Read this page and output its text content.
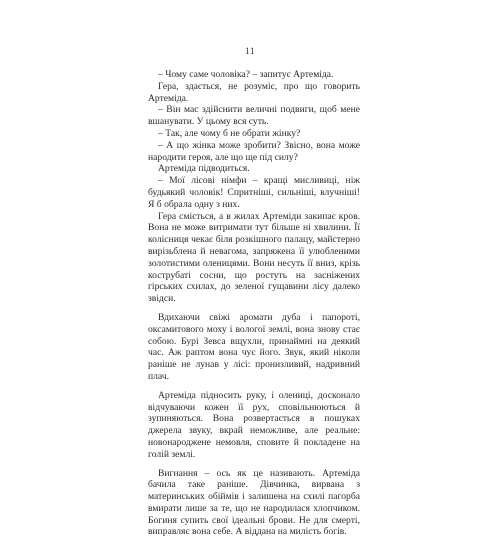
11
– Чому саме чоловіка? – запитує Артеміда.
Гера, здається, не розуміє, про що говорить Артеміда.
– Він мас здійснити величні подвиги, щоб мене вшанувати. У цьому вся суть.
– Так, але чому б не обрати жінку?
– А що жінка може зробити? Звісно, вона може народити героя, але що ще під силу?
Артеміда підводиться.
– Мої лісові німфи – кращі мисливиці, ніж будьякий чоловік! Спритніші, сильніші, влучніші! Я б обрала одну з них.
Гера сміється, а в жилах Артеміди закипає кров. Вона не може витримати тут більше ні хвилини. Її колісниця чекає біля розкішного палацу, майстерно вирізьблена й невагома, запряжена її улюбленими золотистими оленицями. Вони несуть її вниз, крізь кострубаті сосни, що ростуть на засніжених гірських схилах, до зеленої гущавини лісу далеко звідси.
Вдихаючи свіжі аромати дуба і папороті, оксамитового моху і вологої землі, вона знову стає собою. Бурі Зевса вщухли, принаймні на деякий час. Аж раптом вона чує його. Звук, який ніколи раніше не лунав у лісі: пронизливий, надривний плач.
Артеміда підносить руку, і олениці, досконало відчуваючи кожен її рух, сповільнюються й зупиняються. Вона розвертається в пошуках джерела звуку, вкрай неможливе, але реальне: новонароджене немовля, сповите й покладене на голій землі.
Вигнання – ось як це називають. Артеміда бачила таке раніше. Дівчинка, вирвана з материнських обіймів і залишена на схилі пагорба вмирати лише за те, що не народилася хлопчиком. Богиня супить свої ідеальні брови. Не для смерті, виправляє вона себе. А віддана на милість богів.
